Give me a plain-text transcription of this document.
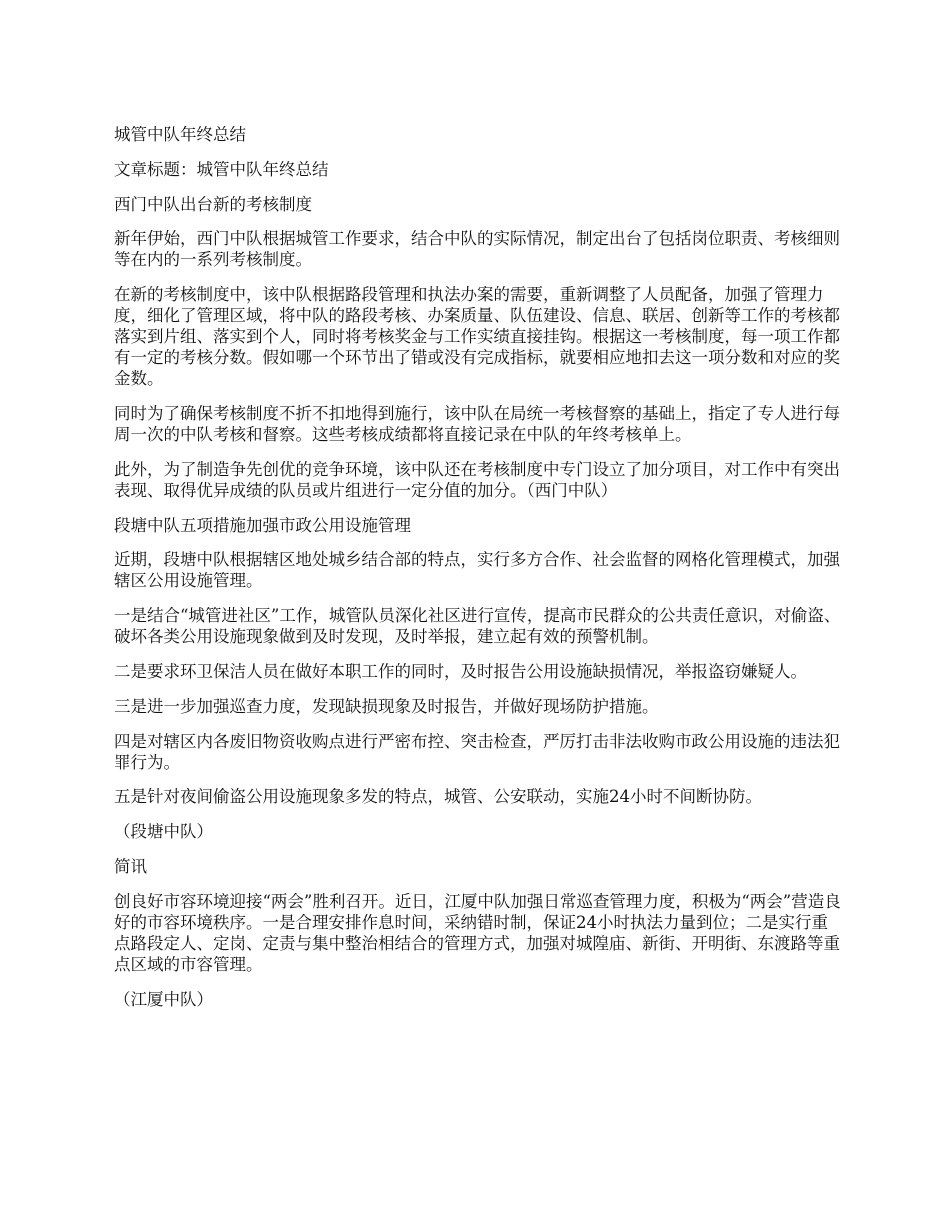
城管中队年终总结

文章标题：城管中队年终总结

西门中队出台新的考核制度

新年伊始，西门中队根据城管工作要求，结合中队的实际情况，制定出台了包括岗位职责、考核细则等在内的一系列考核制度。

在新的考核制度中，该中队根据路段管理和执法办案的需要，重新调整了人员配备，加强了管理力度，细化了管理区域，将中队的路段考核、办案质量、队伍建设、信息、联居、创新等工作的考核都落实到片组、落实到个人，同时将考核奖金与工作实绩直接挂钩。根据这一考核制度，每一项工作都有一定的考核分数。假如哪一个环节出了错或没有完成指标，就要相应地扣去这一项分数和对应的奖金数。

同时为了确保考核制度不折不扣地得到施行，该中队在局统一考核督察的基础上，指定了专人进行每周一次的中队考核和督察。这些考核成绩都将直接记录在中队的年终考核单上。

此外，为了制造争先创优的竞争环境，该中队还在考核制度中专门设立了加分项目，对工作中有突出表现、取得优异成绩的队员或片组进行一定分值的加分。（西门中队）

段塘中队五项措施加强市政公用设施管理

近期，段塘中队根据辖区地处城乡结合部的特点，实行多方合作、社会监督的网格化管理模式，加强辖区公用设施管理。

一是结合“城管进社区”工作，城管队员深化社区进行宣传，提高市民群众的公共责任意识，对偷盗、破坏各类公用设施现象做到及时发现，及时举报，建立起有效的预警机制。

二是要求环卫保洁人员在做好本职工作的同时，及时报告公用设施缺损情况，举报盗窃嫌疑人。

三是进一步加强巡查力度，发现缺损现象及时报告，并做好现场防护措施。

四是对辖区内各废旧物资收购点进行严密布控、突击检查，严厉打击非法收购市政公用设施的违法犯罪行为。

五是针对夜间偷盗公用设施现象多发的特点，城管、公安联动，实施24小时不间断协防。

（段塘中队）

简讯

创良好市容环境迎接“两会”胜利召开。近日，江厦中队加强日常巡查管理力度，积极为“两会”营造良好的市容环境秩序。一是合理安排作息时间，采纳错时制，保证24小时执法力量到位；二是实行重点路段定人、定岗、定责与集中整治相结合的管理方式，加强对城隍庙、新街、开明街、东渡路等重点区域的市容管理。

（江厦中队）
